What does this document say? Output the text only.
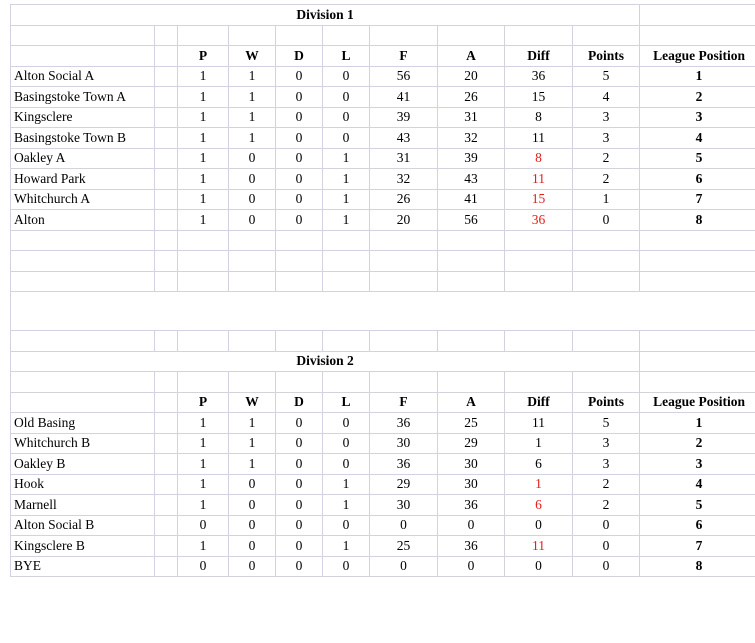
Division 1										

		P	W	D	L	F	A	Diff	Points	League Position
Alton Social A		1	1	0	0	56	20	36	5	1
Basingstoke Town A		1	1	0	0	41	26	15	4	2
Kingsclere		1	1	0	0	39	31	8	3	3
Basingstoke Town B		1	1	0	0	43	32	11	3	4
Oakley A		1	0	0	1	31	39	8	2	5
Howard Park		1	0	0	1	32	43	11	2	6
Whitchurch A		1	0	0	1	26	41	15	1	7
Alton		1	0	0	1	20	56	36	0	8

Division 2										

		P	W	D	L	F	A	Diff	Points	League Position
Old Basing		1	1	0	0	36	25	11	5	1
Whitchurch B		1	1	0	0	30	29	1	3	2
Oakley B		1	1	0	0	36	30	6	3	3
Hook		1	0	0	1	29	30	1	2	4
Marnell		1	0	0	1	30	36	6	2	5
Alton Social B		0	0	0	0	0	0	0	0	6
Kingsclere B		1	0	0	1	25	36	11	0	7
BYE		0	0	0	0	0	0	0	0	8
